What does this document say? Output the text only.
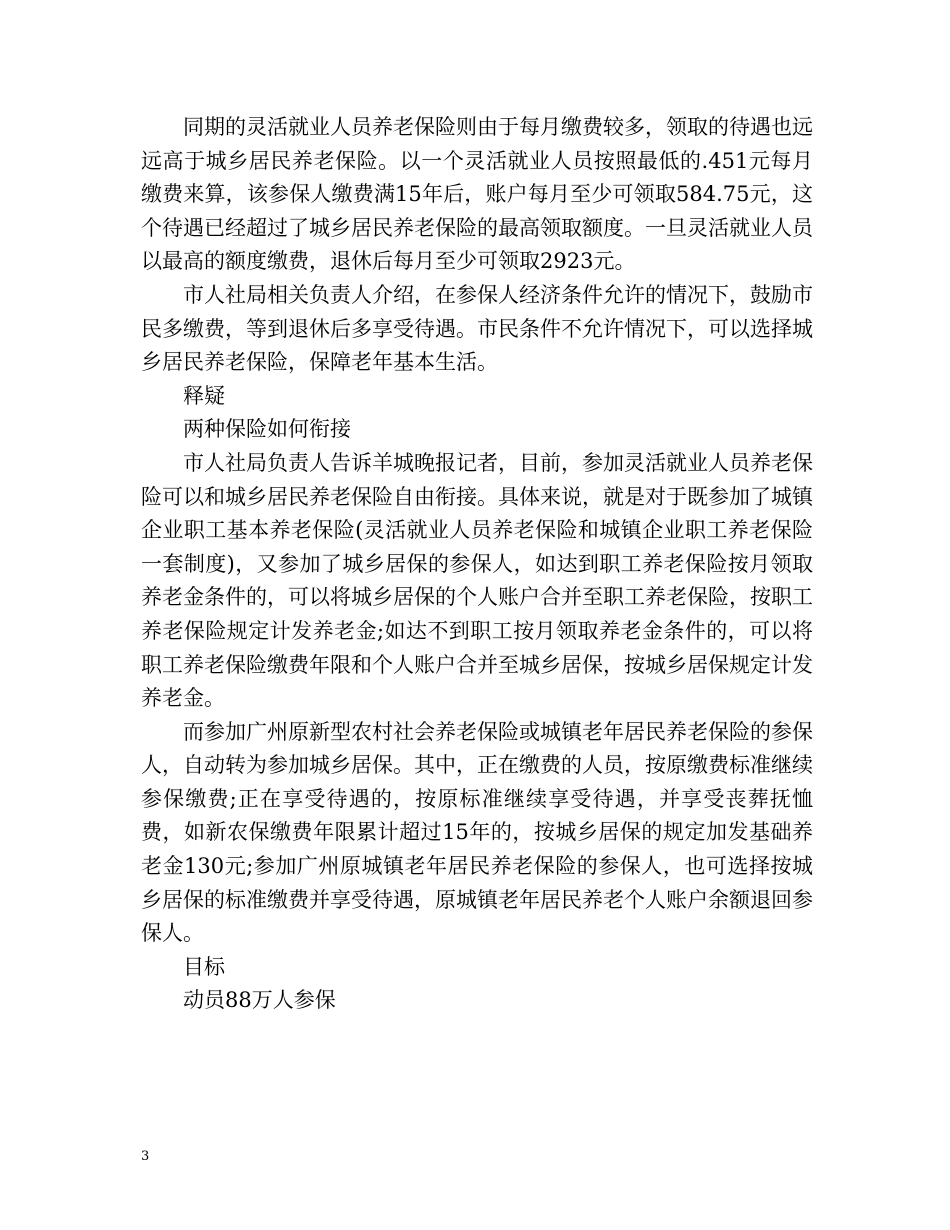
同期的灵活就业人员养老保险则由于每月缴费较多，领取的待遇也远远高于城乡居民养老保险。以一个灵活就业人员按照最低的.451元每月缴费来算，该参保人缴费满15年后，账户每月至少可领取584.75元，这个待遇已经超过了城乡居民养老保险的最高领取额度。一旦灵活就业人员以最高的额度缴费，退休后每月至少可领取2923元。

市人社局相关负责人介绍，在参保人经济条件允许的情况下，鼓励市民多缴费，等到退休后多享受待遇。市民条件不允许情况下，可以选择城乡居民养老保险，保障老年基本生活。

释疑

两种保险如何衔接

市人社局负责人告诉羊城晚报记者，目前，参加灵活就业人员养老保险可以和城乡居民养老保险自由衔接。具体来说，就是对于既参加了城镇企业职工基本养老保险(灵活就业人员养老保险和城镇企业职工养老保险一套制度)，又参加了城乡居保的参保人，如达到职工养老保险按月领取养老金条件的，可以将城乡居保的个人账户合并至职工养老保险，按职工养老保险规定计发养老金;如达不到职工按月领取养老金条件的，可以将职工养老保险缴费年限和个人账户合并至城乡居保，按城乡居保规定计发养老金。

而参加广州原新型农村社会养老保险或城镇老年居民养老保险的参保人，自动转为参加城乡居保。其中，正在缴费的人员，按原缴费标准继续参保缴费;正在享受待遇的，按原标准继续享受待遇，并享受丧葬抚恤费，如新农保缴费年限累计超过15年的，按城乡居保的规定加发基础养老金130元;参加广州原城镇老年居民养老保险的参保人，也可选择按城乡居保的标准缴费并享受待遇，原城镇老年居民养老个人账户余额退回参保人。

目标

动员88万人参保

3
